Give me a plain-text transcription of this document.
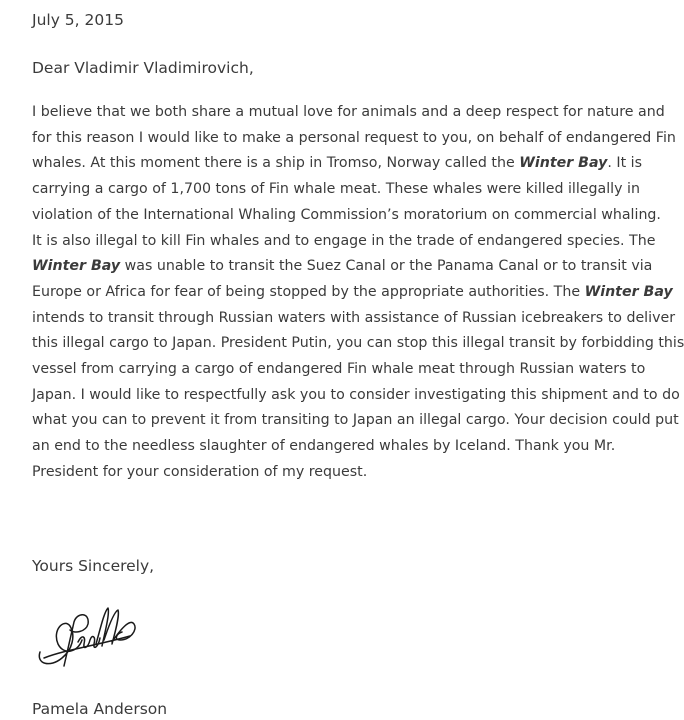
July 5, 2015
Dear Vladimir Vladimirovich,
I believe that we both share a mutual love for animals and a deep respect for nature and
for this reason I would like to make a personal request to you, on behalf of endangered Fin
whales. At this moment there is a ship in Tromso, Norway called the Winter Bay. It is
carrying a cargo of 1,700 tons of Fin whale meat. These whales were killed illegally in
violation of the International Whaling Commission’s moratorium on commercial whaling.
It is also illegal to kill Fin whales and to engage in the trade of endangered species. The
Winter Bay was unable to transit the Suez Canal or the Panama Canal or to transit via
Europe or Africa for fear of being stopped by the appropriate authorities. The Winter Bay
intends to transit through Russian waters with assistance of Russian icebreakers to deliver
this illegal cargo to Japan. President Putin, you can stop this illegal transit by forbidding this
vessel from carrying a cargo of endangered Fin whale meat through Russian waters to
Japan. I would like to respectfully ask you to consider investigating this shipment and to do
what you can to prevent it from transiting to Japan an illegal cargo. Your decision could put
an end to the needless slaughter of endangered whales by Iceland. Thank you Mr.
President for your consideration of my request.
Yours Sincerely,
Pamela Anderson
